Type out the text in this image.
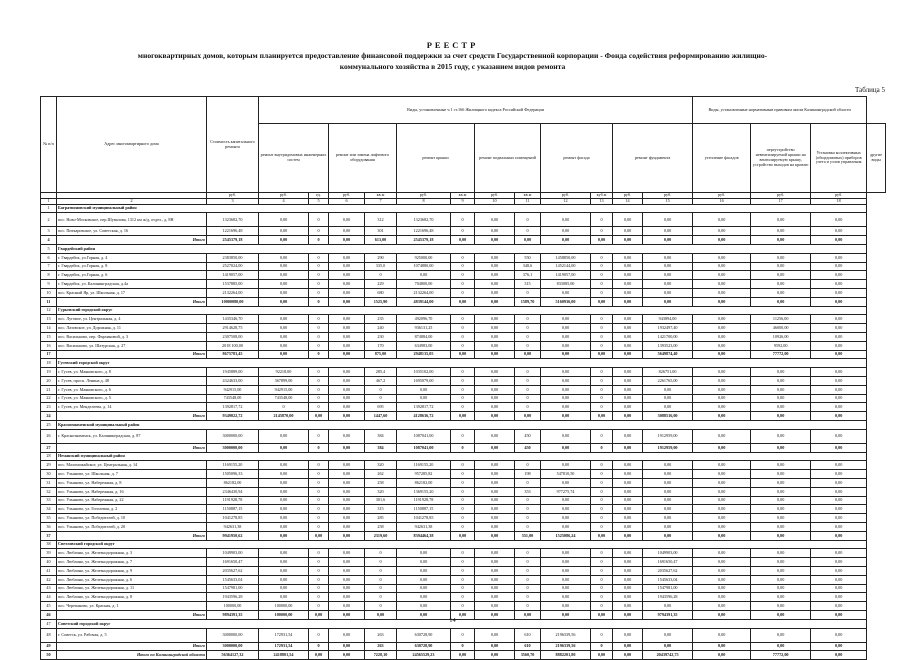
РЕЕСТР
многоквартирных домов, которым планируется предоставление финансовой поддержки за счет средств Государственной корпорации - Фонда содействия реформированию жилищно-
коммунального хозяйства в 2015 году, с указанием видов ремонта
Таблица 5
№ п/п	Адрес многоквартирного дома	Стоимость капитального ремонта	Виды, установленные ч.1 ст.166 Жилищного кодекса Российской Федерации												Виды, установленные нормативным правовым актом Калининградской области			
			ремонт внутридомовых инженерных систем		ремонт или замена лифтового оборудования		ремонт крыши		ремонт подвальных помещений		ремонт фасада		ремонт фундамента		утепление фасадов	переустройство невентилируемой крыши на вентилируемую крышу, устройство выходов на кровлю	Установка коллективных (общедомовых) приборов учета и узлов управления	другие виды

		руб.	руб.	ед.	руб.	кв.м	руб.	кв.м	руб.	кв.м	руб.	куб.м	руб.	руб.	руб.	руб.	руб.	
1	2	3	4	5	6	7	8	9	10	11	12	13	14	15	16	17	18	
1	Багратионовский муниципальный район																	
2	пос. Ново-Московское, пер.Шувалова, 1312 км ж/д, отдел., д. 8Н	1323682,70	0,00	0	0,00	312	1323682,70	0	0,00	0	0,00	0	0,00	0,00	0,00	0,00	0,00	
3	пос. Питкаровское, ул. Советская, д. 16	1221696,48	0,00	0	0,00	301	1221696,48	0	0,00	0	0,00	0	0,00	0,00	0,00	0,00	0,00	
4	Итого	2545379,18	0,00	0	0,00	613,00	2545379,18	0,00	0,00	0,00	0,00	0,00	0,00	0,00	0,00	0,00	0,00	
5	Гвардейский район																	
6	г. Гвардейск, ул.Горная, д. 4	2383850,00	0,00	0	0,00	290	925000,00	0	0,00	550	1458850,00	0	0,00	0,00	0,00	0,00	0,00	
7	г. Гвардейск, ул.Горная, д. 8	2527024,00	0,00	0	0,00	335,0	1074880,00	0	0,00	348,6	1452144,00	0	0,00	0,00	0,00	0,00	0,00	
8	г. Гвардейск, ул.Горная, д. 6	1419057,00	0,00	0	0,00	0	0,00	0	0,00	376,1	1419057,00	0	0,00	0,00	0,00	0,00	0,00	
9	г. Гвардейск, ул. Калининградская, д.4а	1537885,00	0,00	0	0,00	229	704800,00	0	0,00	315	833085,00	0	0,00	0,00	0,00	0,00	0,00	
10	пос. Красный Яр, ул. Школьная, д. 17	2132264,00	0,00	0	0,00	680	2132264,00	0	0,00	0	0,00	0	0,00	0,00	0,00	0,00	0,00	
11	Итого	10000080,00	0,00	0	0,00	1525,90	4839144,00	0,00	0,00	1589,70	5160936,00	0,00	0,00	0,00	0,00	0,00	0,00	
12	Гурьевский городской округ																	
13	пос. Луговое, ул. Центральная, д. 4	1435346,70	0,00	0	0,00	235	492096,70	0	0,00	0	0,00	0	0,00	943894,00	0,00	11256,00	0,00	
14	пос. Лазовское, ул. Дорожная, д. 11	2914628,75	0,00	0	0,00	240	936131,25	0	0,00	0	0,00	0	0,00	1932497,40	0,00	46000,00	0,00	
15	пос. Васильково, пер. Фархиновой, д. 3	2307508,00	0,00	0	0,00	230	874884,00	0	0,00	0	0,00	0	0,00	1421700,00	0,00	10926,00	0,00	
16	пос. Васильково, ул. Шатурская, д. 27	2018 100,00	0,00	0	0,00	170	634983,00	0	0,00	0	0,00	0	0,00	1393523,00	0,00	9592,00	0,00	
17	Итого	8675783,45	0,00	0	0,00	875,00	2948135,05	0,00	0,00	0,00	0,00	0,00	0,00	5649874,40	0,00	77772,00	0,00	
18	Гусевский городской округ																	
19	г. Гусев, ул. Маяковского, д. 8	1945889,00	92218,00	0	0,00	285,4	1035102,00	0	0,00	0	0,00	0	0,00	826751,00	0,00	0,00	0,00	
20	г. Гусев, просп. Ленина д. 48	4324633,00	367899,00	0	0,00	467,2	1695079,00	0	0,00	0	0,00	0	0,00	2261765,00	0,00	0,00	0,00	
21	г. Гусев, ул. Маяковского, д. 6	942915,00	942915,00	0	0,00	0	0,00	0	0,00	0	0,00	0	0,00	0,00	0,00	0,00	0,00	
22	г. Гусев, ул. Маяковского, д. 5	743548,00	743548,00	0	0,00	0	0,00	0	0,00	0	0,00	0	0,00	0,00	0,00	0,00	0,00	
23	г. Гусев, ул. Менделеева, д. 14	1392817,72	0	0	0,00	695	1392817,72	0	0,00	0	0,00	0	0,00	0,00	0,00	0,00	0,00	
24	Итого	9349022,72	2145870,00	0,00	0,00	1447,60	4128636,72	0,00	0,00	0,00	0,00	0,00	0,00	3088516,00	0,00	0,00	0,00	
25	Краснознаменский муниципальный район																	
26	г. Краснознаменск, ул. Калининградская, д. 87	3000000,00	0,00	0	0,00	384	1087041,00	0	0,00	450	0,00	0	0,00	1912959,00	0,00	0,00	0,00	
27	Итого	3000000,00	0,00	0	0,00	384	1087041,00	0	0,00	450	0,00	0	0,00	1912959,00	0,00	0,00	0,00	
28	Неманский муниципальный район																	
29	пос. Маломожайское, ул. Центральная, д. 14	1169155,20	0,00	0	0,00	320	1169155,20	0	0,00	0	0,00	0	0,00	0,00	0,00	0,00	0,00	
30	пос. Ульяново, ул. Школьная, д. 7	1505096,33	0,00	0	0,00	262	957285,82	0	0,00	198	547810,50	0	0,00	0,00	0,00	0,00	0,00	
31	пос. Ульяново, ул. Набережная, д. 8	862182,00	0,00	0	0,00	258	862182,00	0	0,00	0	0,00	0	0,00	0,00	0,00	0,00	0,00	
32	пос. Ульяново, ул. Набережная, д. 16	2346430,94	0,00	0	0,00	320	1369155,20	0	0,00	353	977275,74	0	0,00	0,00	0,00	0,00	0,00	
33	пос. Ульяново, ул. Набережная, д. 22	1191928,78	0,00	0	0,00	301,6	1191928,78	0	0,00	0	0,00	0	0,00	0,00	0,00	0,00	0,00	
34	пос. Ульяново, ул. Гоголевая, д. 2	1150887,15	0,00	0	0,00	315	1150887,15	0	0,00	0	0,00	0	0,00	0,00	0,00	0,00	0,00	
35	пос. Ульяново, ул. Победителей, д. 10	1041278,85	0,00	0	0,00	285	1041278,85	0	0,00	0	0,00	0	0,00	0,00	0,00	0,00	0,00	
36	пос. Ульяново, ул. Победителей, д. 20	942631,38	0,00	0	0,00	258	942631,38	0	0,00	0	0,00	0	0,00	0,00	0,00	0,00	0,00	
37	Итого	9941950,62	0,00	0,00	0,00	2319,60	8394464,38	0,00	0,00	551,00	1525086,24	0,00	0,00	0,00	0,00	0,00	0,00	
38	Светловский городской округ																	
39	пос. Люблино, ул. Железнодорожная, д. 3	1049903,00	0,00	0	0,00	0	0,00	0	0,00	0	0,00	0	0,00	1049903,00	0,00	0,00	0,00	
40	пос. Люблино, ул. Железнодорожная, д. 7	1691650,47	0,00	0	0,00	0	0,00	0	0,00	0	0,00	0	0,00	1691650,47	0,00	0,00	0,00	
41	пос. Люблино, ул. Железнодорожная, д. 9	2035627,62	0,00	0	0,00	0	0,00	0	0,00	0	0,00	0	0,00	2035627,62	0,00	0,00	0,00	
42	пос. Люблино, ул. Железнодорожная, д. 6	1545633,04	0,00	0	0,00	0	0,00	0	0,00	0	0,00	0	0,00	1545633,04	0,00	0,00	0,00	
43	пос. Люблино, ул. Железнодорожная, д. 11	1547981,00	0,00	0	0,00	0	0,00	0	0,00	0	0,00	0	0,00	1547981,00	0,00	0,00	0,00	
44	пос. Люблино, ул. Железнодорожная, д. 8	1943596,28	0,00	0	0,00	0	0,00	0	0,00	0	0,00	0	0,00	1943596,28	0,00	0,00	0,00	
45	пос. Черепаново, ул. Красная, д. 1	100000,00	100000,00	0	0,00	0	0,00	0	0,00	0	0,00	0	0,00	0,00	0,00	0,00	0,00	
46	Итого	9894391,35	100000,00	0,00	0,00	0,00	0,00	0,00	0,00	0,00	0,00	0,00	0,00	9794391,35	0,00	0,00	0,00	
47	Советский городской округ																	
48	г. Советск, ул. Рабочая, д. 5	3000000,00	172931,54	0	0,00	263	630728,90	0	0,00	610	2196339,56	0	0,00	0,00	0,00	0,00	0,00	
49	Итого	3000000,00	172931,54	0	0,00	263	630728,90	0	0,00	610	2196339,56	0	0,00	0,00	0,00	0,00	0,00	
50	Итого по Калининградской области	56364127,32	2418801,54	0,00	0,00	7228,10	24565529,23	0,00	0,00	3560,70	8882201,80	0,00	0,00	20439742,75	0,00	77772,00	0,00	
14
